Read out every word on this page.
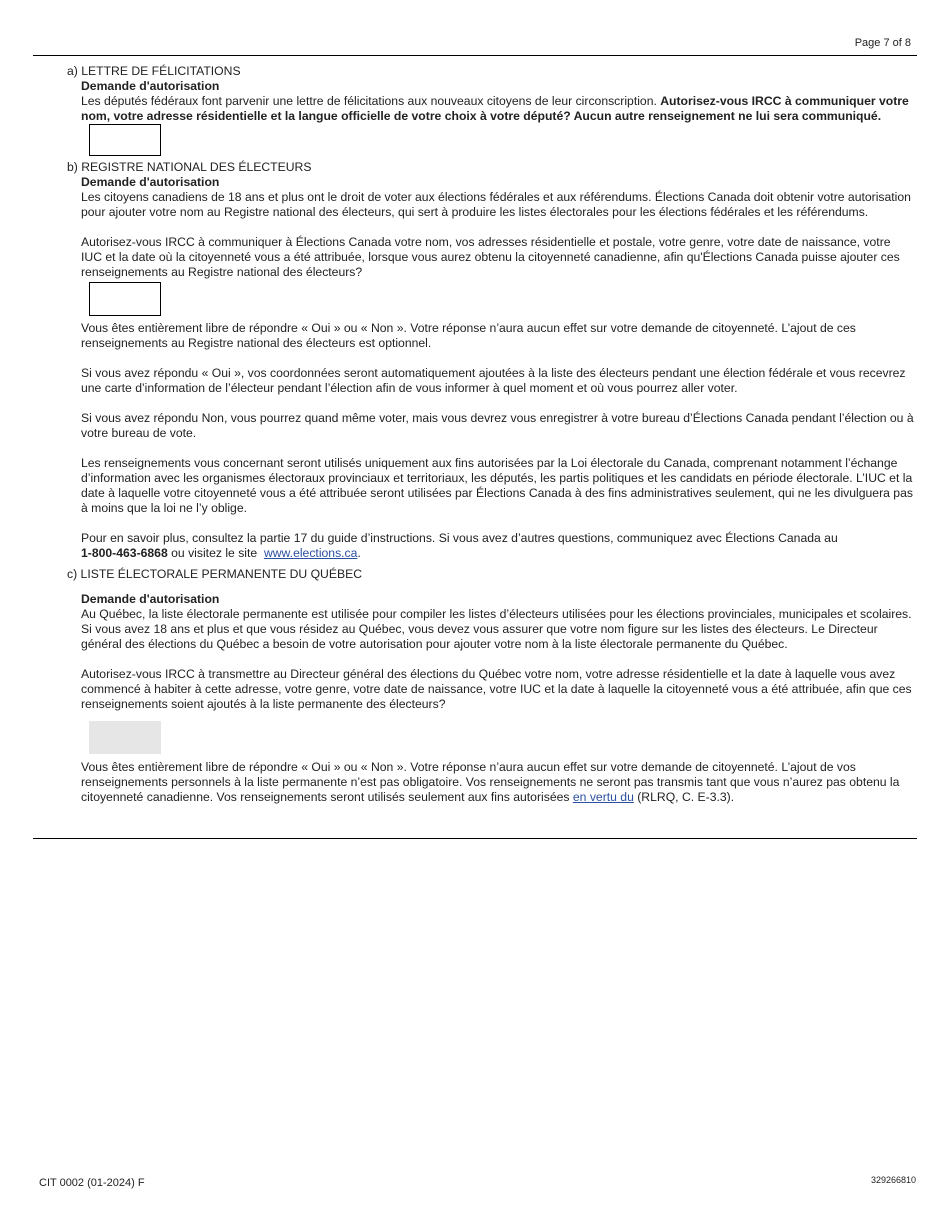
Page 7 of 8

a) LETTRE DE FÉLICITATIONS

Demande d'autorisation

Les députés fédéraux font parvenir une lettre de félicitations aux nouveaux citoyens de leur circonscription. Autorisez-vous IRCC à communiquer votre nom, votre adresse résidentielle et la langue officielle de votre choix à votre député? Aucun autre renseignement ne lui sera communiqué.

b) REGISTRE NATIONAL DES ÉLECTEURS

Demande d'autorisation

Les citoyens canadiens de 18 ans et plus ont le droit de voter aux élections fédérales et aux référendums. Élections Canada doit obtenir votre autorisation pour ajouter votre nom au Registre national des électeurs, qui sert à produire les listes électorales pour les élections fédérales et les référendums.

Autorisez-vous IRCC à communiquer à Élections Canada votre nom, vos adresses résidentielle et postale, votre genre, votre date de naissance, votre IUC et la date où la citoyenneté vous a été attribuée, lorsque vous aurez obtenu la citoyenneté canadienne, afin qu'Élections Canada puisse ajouter ces renseignements au Registre national des électeurs?

Vous êtes entièrement libre de répondre « Oui » ou « Non ». Votre réponse n’aura aucun effet sur votre demande de citoyenneté. L’ajout de ces renseignements au Registre national des électeurs est optionnel.

Si vous avez répondu « Oui », vos coordonnées seront automatiquement ajoutées à la liste des électeurs pendant une élection fédérale et vous recevrez une carte d’information de l’électeur pendant l’élection afin de vous informer à quel moment et où vous pourrez aller voter.

Si vous avez répondu Non, vous pourrez quand même voter, mais vous devrez vous enregistrer à votre bureau d’Élections Canada pendant l’élection ou à votre bureau de vote.

Les renseignements vous concernant seront utilisés uniquement aux fins autorisées par la Loi électorale du Canada, comprenant notamment l’échange d’information avec les organismes électoraux provinciaux et territoriaux, les députés, les partis politiques et les candidats en période électorale. L’IUC et la date à laquelle votre citoyenneté vous a été attribuée seront utilisées par Élections Canada à des fins administratives seulement, qui ne les divulguera pas à moins que la loi ne l’y oblige.

Pour en savoir plus, consultez la partie 17 du guide d’instructions. Si vous avez d’autres questions, communiquez avec Élections Canada au
1-800-463-6868 ou visitez le site www.elections.ca.

c) LISTE ÉLECTORALE PERMANENTE DU QUÉBEC

Demande d'autorisation

Au Québec, la liste électorale permanente est utilisée pour compiler les listes d’électeurs utilisées pour les élections provinciales, municipales et scolaires. Si vous avez 18 ans et plus et que vous résidez au Québec, vous devez vous assurer que votre nom figure sur les listes des électeurs. Le Directeur général des élections du Québec a besoin de votre autorisation pour ajouter votre nom à la liste électorale permanente du Québec.

Autorisez-vous IRCC à transmettre au Directeur général des élections du Québec votre nom, votre adresse résidentielle et la date à laquelle vous avez commencé à habiter à cette adresse, votre genre, votre date de naissance, votre IUC et la date à laquelle la citoyenneté vous a été attribuée, afin que ces renseignements soient ajoutés à la liste permanente des électeurs?

Vous êtes entièrement libre de répondre « Oui » ou « Non ». Votre réponse n’aura aucun effet sur votre demande de citoyenneté. L’ajout de vos renseignements personnels à la liste permanente n’est pas obligatoire. Vos renseignements ne seront pas transmis tant que vous n’aurez pas obtenu la citoyenneté canadienne. Vos renseignements seront utilisés seulement aux fins autorisées en vertu du (RLRQ, C. E-3.3).

CIT 0002 (01-2024) F	329266810
